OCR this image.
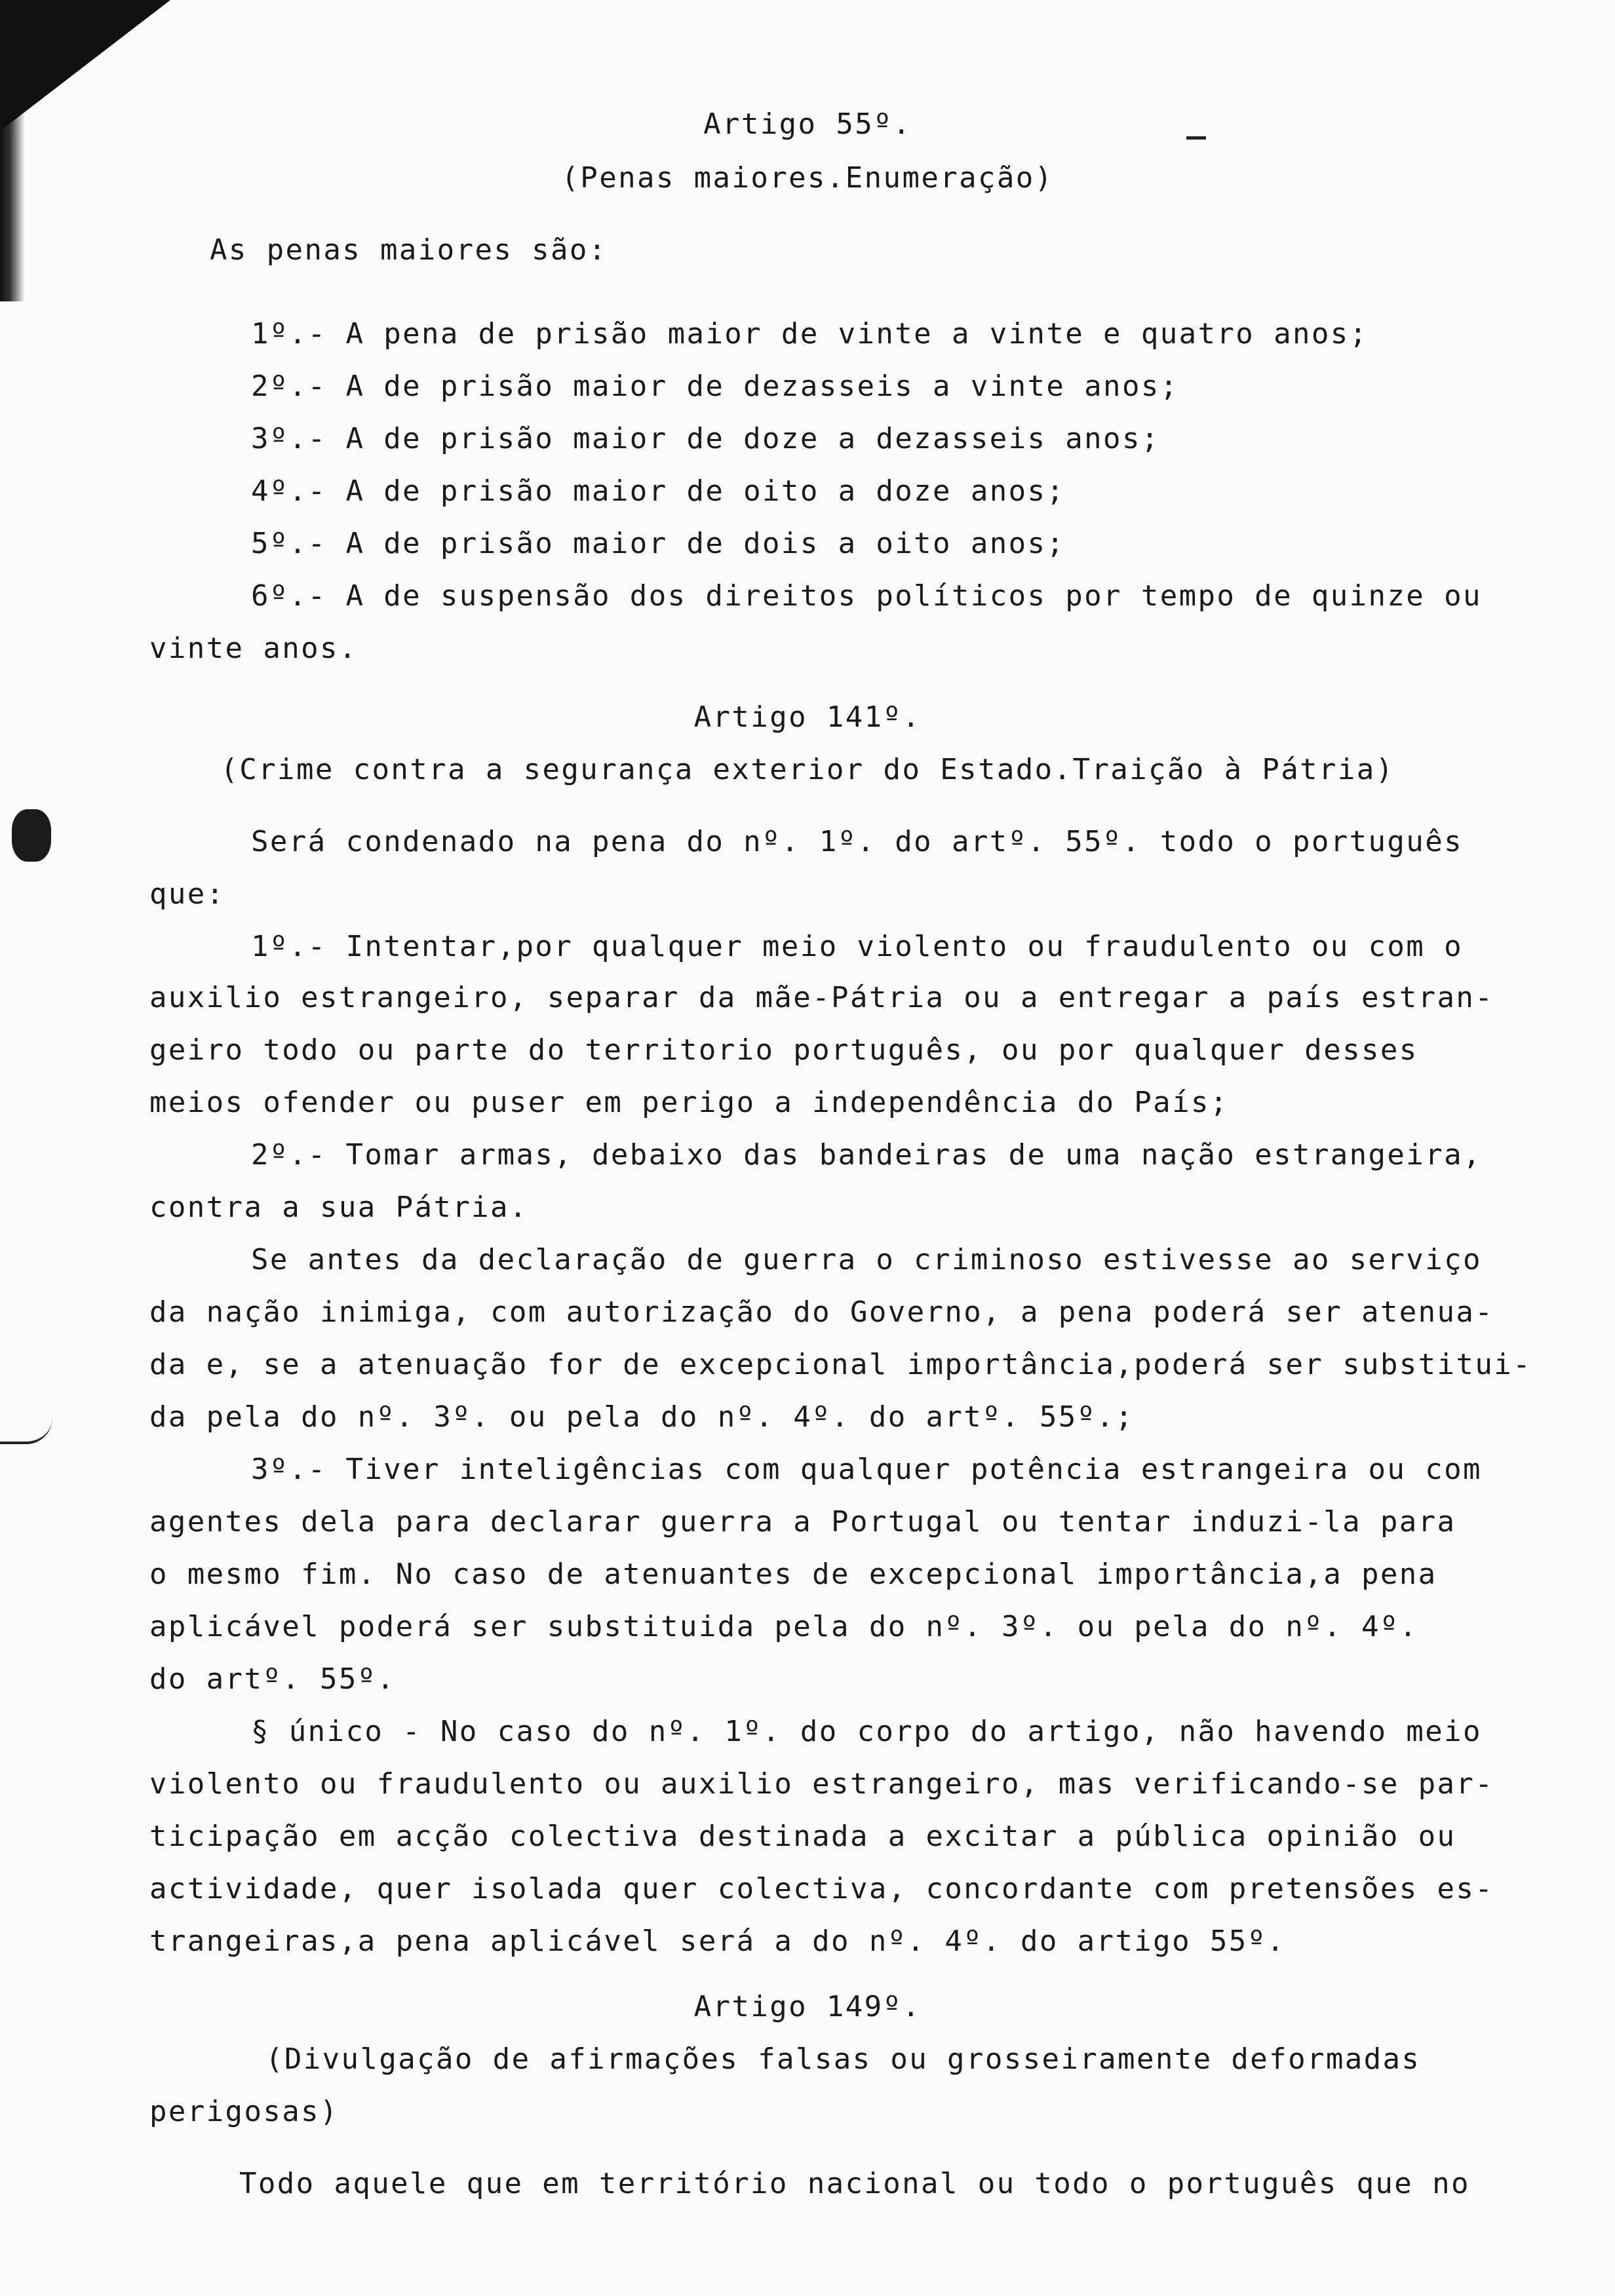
Artigo 55º.
(Penas maiores.Enumeração)
As penas maiores são:
1º.- A pena de prisão maior de vinte a vinte e quatro anos;
2º.- A de prisão maior de dezasseis a vinte anos;
3º.- A de prisão maior de doze a dezasseis anos;
4º.- A de prisão maior de oito a doze anos;
5º.- A de prisão maior de dois a oito anos;
6º.- A de suspensão dos direitos políticos por tempo de quinze ou
vinte anos.
Artigo 141º.
(Crime contra a segurança exterior do Estado.Traição à Pátria)
Será condenado na pena do nº. 1º. do artº. 55º. todo o português
que:
1º.- Intentar,por qualquer meio violento ou fraudulento ou com o
auxilio estrangeiro, separar da mãe-Pátria ou a entregar a país estran-
geiro todo ou parte do territorio português, ou por qualquer desses
meios ofender ou puser em perigo a independência do País;
2º.- Tomar armas, debaixo das bandeiras de uma nação estrangeira,
contra a sua Pátria.
Se antes da declaração de guerra o criminoso estivesse ao serviço
da nação inimiga, com autorização do Governo, a pena poderá ser atenua-
da e, se a atenuação for de excepcional importância,poderá ser substitui-
da pela do nº. 3º. ou pela do nº. 4º. do artº. 55º.;
3º.- Tiver inteligências com qualquer potência estrangeira ou com
agentes dela para declarar guerra a Portugal ou tentar induzi-la para
o mesmo fim. No caso de atenuantes de excepcional importância,a pena
aplicável poderá ser substituida pela do nº. 3º. ou pela do nº. 4º.
do artº. 55º.
§ único - No caso do nº. 1º. do corpo do artigo, não havendo meio
violento ou fraudulento ou auxilio estrangeiro, mas verificando-se par-
ticipação em acção colectiva destinada a excitar a pública opinião ou
actividade, quer isolada quer colectiva, concordante com pretensões es-
trangeiras,a pena aplicável será a do nº. 4º. do artigo 55º.
Artigo 149º.
(Divulgação de afirmações falsas ou grosseiramente deformadas
perigosas)
Todo aquele que em território nacional ou todo o português que no
